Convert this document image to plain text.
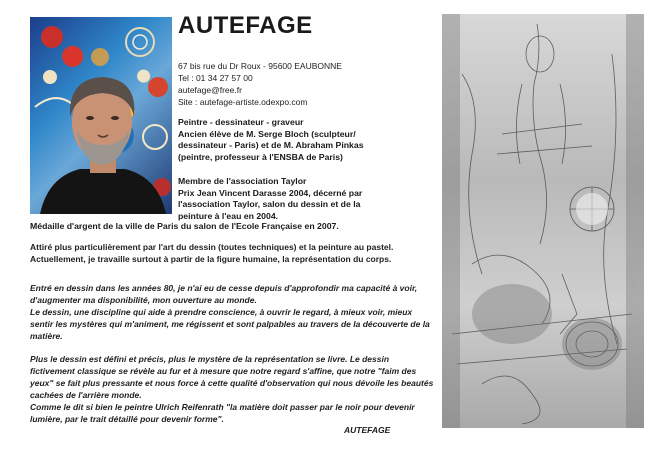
AUTEFAGE
67 bis rue du Dr Roux - 95600 EAUBONNE
Tel : 01 34 27 57 00
autefage@free.fr
Site : autefage-artiste.odexpo.com
Peintre - dessinateur - graveur
Ancien élève de M. Serge Bloch (sculpteur/
dessinateur - Paris) et de M. Abraham Pinkas
(peintre, professeur à l'ENSBA de Paris)
Membre de l'association Taylor
Prix Jean Vincent Darasse 2004, décerné par
l'association Taylor, salon du dessin et de la
peinture à l'eau en 2004.
Médaille d'argent de la ville de Paris du salon de l'Ecole Française en 2007.

Attiré plus particulièrement par l'art du dessin (toutes techniques) et la peinture au pastel. Actuellement, je travaille surtout à partir de la figure humaine, la représentation du corps.

Entré en dessin dans les années 80, je n'ai eu de cesse depuis d'approfondir ma capacité à voir, d'augmenter ma disponibilité, mon ouverture au monde.

Le dessin, une discipline qui aide à prendre conscience, à ouvrir le regard, à mieux voir, mieux sentir les mystères qui m'animent, me régissent et sont palpables au travers de la découverte de la matière.

Plus le dessin est défini et précis, plus le mystère de la représentation se livre. Le dessin fictivement classique se révèle au fur et à mesure que notre regard s'affine, que notre "faim des yeux" se fait plus pressante et nous force à cette qualité d'observation qui nous dévoile les beautés cachées de l'arrière monde.

Comme le dit si bien le peintre Ulrich Reifenrath "la matière doit passer par le noir pour devenir lumière, par le trait détaillé pour devenir forme".

AUTEFAGE
